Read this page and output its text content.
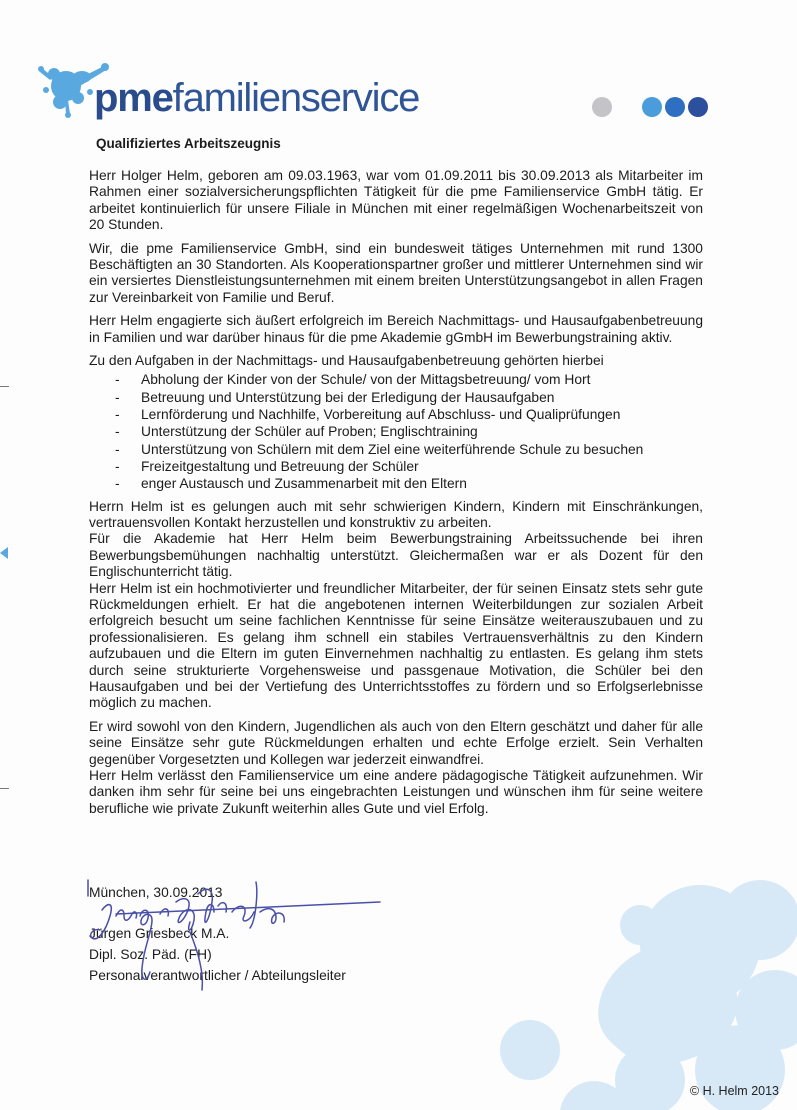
pmefamilienservice
Qualifiziertes Arbeitszeugnis

Herr Holger Helm, geboren am 09.03.1963, war vom 01.09.2011 bis 30.09.2013 als Mitarbeiter im Rahmen einer sozialversicherungspflichten Tätigkeit für die pme Familienservice GmbH tätig. Er arbeitet kontinuierlich für unsere Filiale in München mit einer regelmäßigen Wochenarbeitszeit von 20 Stunden.

Wir, die pme Familienservice GmbH, sind ein bundesweit tätiges Unternehmen mit rund 1300 Beschäftigten an 30 Standorten. Als Kooperationspartner großer und mittlerer Unternehmen sind wir ein versiertes Dienstleistungsunternehmen mit einem breiten Unterstützungsangebot in allen Fragen zur Vereinbarkeit von Familie und Beruf.

Herr Helm engagierte sich äußert erfolgreich im Bereich Nachmittags- und Hausaufgabenbetreuung in Familien und war darüber hinaus für die pme Akademie gGmbH im Bewerbungstraining aktiv.

Zu den Aufgaben in der Nachmittags- und Hausaufgabenbetreuung gehörten hierbei

- Abholung der Kinder von der Schule/ von der Mittagsbetreuung/ vom Hort
- Betreuung und Unterstützung bei der Erledigung der Hausaufgaben
- Lernförderung und Nachhilfe, Vorbereitung auf Abschluss- und Qualiprüfungen
- Unterstützung der Schüler auf Proben; Englischtraining
- Unterstützung von Schülern mit dem Ziel eine weiterführende Schule zu besuchen
- Freizeitgestaltung und Betreuung der Schüler
- enger Austausch und Zusammenarbeit mit den Eltern

Herrn Helm ist es gelungen auch mit sehr schwierigen Kindern, Kindern mit Einschränkungen, vertrauensvollen Kontakt herzustellen und konstruktiv zu arbeiten.

Für die Akademie hat Herr Helm beim Bewerbungstraining Arbeitssuchende bei ihren Bewerbungsbemühungen nachhaltig unterstützt. Gleichermaßen war er als Dozent für den Englischunterricht tätig.

Herr Helm ist ein hochmotivierter und freundlicher Mitarbeiter, der für seinen Einsatz stets sehr gute Rückmeldungen erhielt. Er hat die angebotenen internen Weiterbildungen zur sozialen Arbeit erfolgreich besucht um seine fachlichen Kenntnisse für seine Einsätze weiterauszubauen und zu professionalisieren. Es gelang ihm schnell ein stabiles Vertrauensverhältnis zu den Kindern aufzubauen und die Eltern im guten Einvernehmen nachhaltig zu entlasten. Es gelang ihm stets durch seine strukturierte Vorgehensweise und passgenaue Motivation, die Schüler bei den Hausaufgaben und bei der Vertiefung des Unterrichtsstoffes zu fördern und so Erfolgserlebnisse möglich zu machen.

Er wird sowohl von den Kindern, Jugendlichen als auch von den Eltern geschätzt und daher für alle seine Einsätze sehr gute Rückmeldungen erhalten und echte Erfolge erzielt. Sein Verhalten gegenüber Vorgesetzten und Kollegen war jederzeit einwandfrei.

Herr Helm verlässt den Familienservice um eine andere pädagogische Tätigkeit aufzunehmen. Wir danken ihm sehr für seine bei uns eingebrachten Leistungen und wünschen ihm für seine weitere berufliche wie private Zukunft weiterhin alles Gute und viel Erfolg.

München, 30.09.2013
Jürgen Griesbeck M.A.
Dipl. Soz. Päd. (FH)
Personalverantwortlicher / Abteilungsleiter
© H. Helm 2013
